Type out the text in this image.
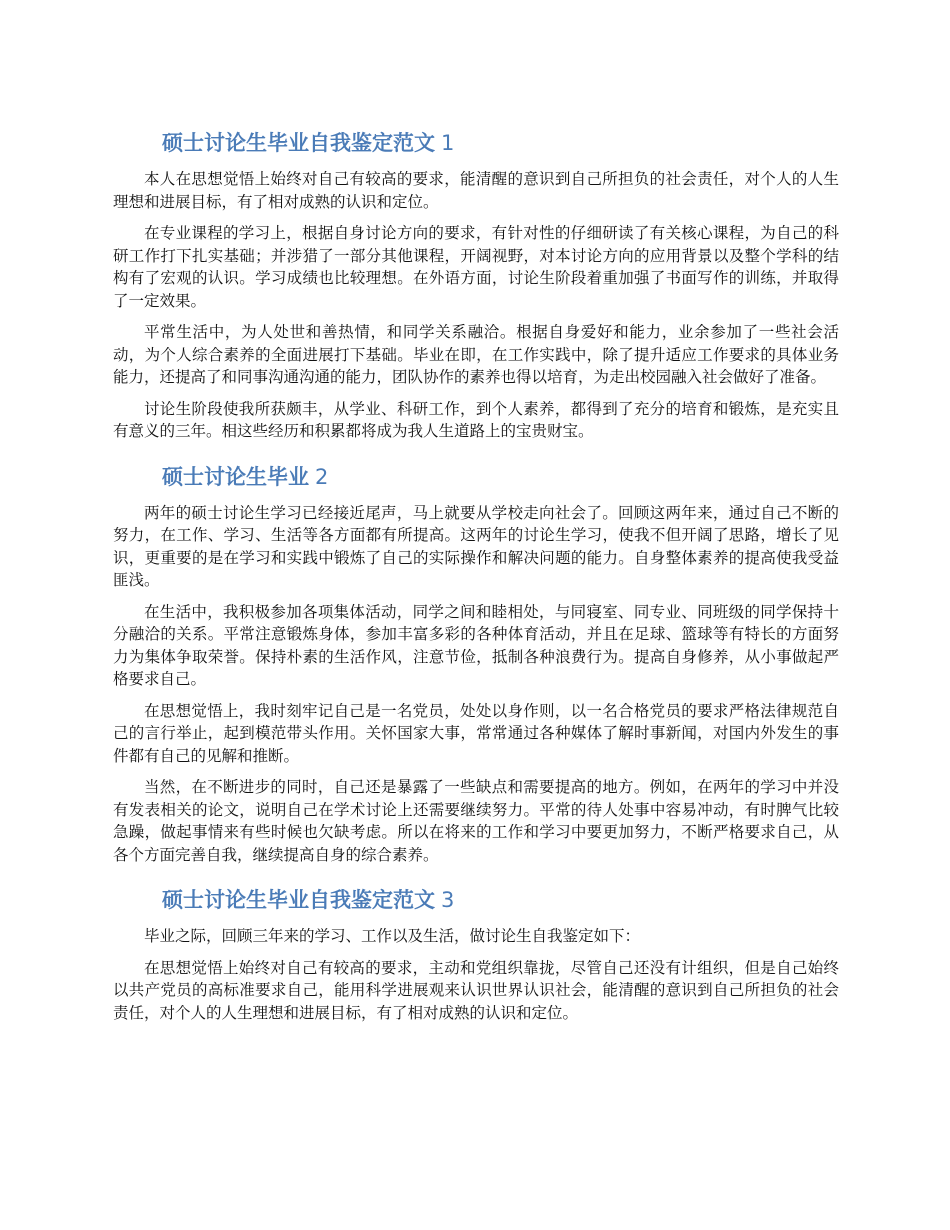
硕士讨论生毕业自我鉴定范文 1

本人在思想觉悟上始终对自己有较高的要求，能清醒的意识到自己所担负的社会责任，对个人的人生理想和进展目标，有了相对成熟的认识和定位。

在专业课程的学习上，根据自身讨论方向的要求，有针对性的仔细研读了有关核心课程，为自己的科研工作打下扎实基础；并涉猎了一部分其他课程，开阔视野，对本讨论方向的应用背景以及整个学科的结构有了宏观的认识。学习成绩也比较理想。在外语方面，讨论生阶段着重加强了书面写作的训练，并取得了一定效果。

平常生活中，为人处世和善热情，和同学关系融洽。根据自身爱好和能力，业余参加了一些社会活动，为个人综合素养的全面进展打下基础。毕业在即，在工作实践中，除了提升适应工作要求的具体业务能力，还提高了和同事沟通沟通的能力，团队协作的素养也得以培育，为走出校园融入社会做好了准备。

讨论生阶段使我所获颇丰，从学业、科研工作，到个人素养，都得到了充分的培育和锻炼，是充实且有意义的三年。相这些经历和积累都将成为我人生道路上的宝贵财宝。

硕士讨论生毕业 2

两年的硕士讨论生学习已经接近尾声，马上就要从学校走向社会了。回顾这两年来，通过自己不断的努力，在工作、学习、生活等各方面都有所提高。这两年的讨论生学习，使我不但开阔了思路，增长了见识，更重要的是在学习和实践中锻炼了自己的实际操作和解决问题的能力。自身整体素养的提高使我受益匪浅。

在生活中，我积极参加各项集体活动，同学之间和睦相处，与同寝室、同专业、同班级的同学保持十分融洽的关系。平常注意锻炼身体，参加丰富多彩的各种体育活动，并且在足球、篮球等有特长的方面努力为集体争取荣誉。保持朴素的生活作风，注意节俭，抵制各种浪费行为。提高自身修养，从小事做起严格要求自己。

在思想觉悟上，我时刻牢记自己是一名党员，处处以身作则，以一名合格党员的要求严格法律规范自己的言行举止，起到模范带头作用。关怀国家大事，常常通过各种媒体了解时事新闻，对国内外发生的事件都有自己的见解和推断。

当然，在不断进步的同时，自己还是暴露了一些缺点和需要提高的地方。例如，在两年的学习中并没有发表相关的论文，说明自己在学术讨论上还需要继续努力。平常的待人处事中容易冲动，有时脾气比较急躁，做起事情来有些时候也欠缺考虑。所以在将来的工作和学习中要更加努力，不断严格要求自己，从各个方面完善自我，继续提高自身的综合素养。

硕士讨论生毕业自我鉴定范文 3

毕业之际，回顾三年来的学习、工作以及生活，做讨论生自我鉴定如下：

在思想觉悟上始终对自己有较高的要求，主动和党组织靠拢，尽管自己还没有计组织，但是自己始终以共产党员的高标准要求自己，能用科学进展观来认识世界认识社会，能清醒的意识到自己所担负的社会责任，对个人的人生理想和进展目标，有了相对成熟的认识和定位。
